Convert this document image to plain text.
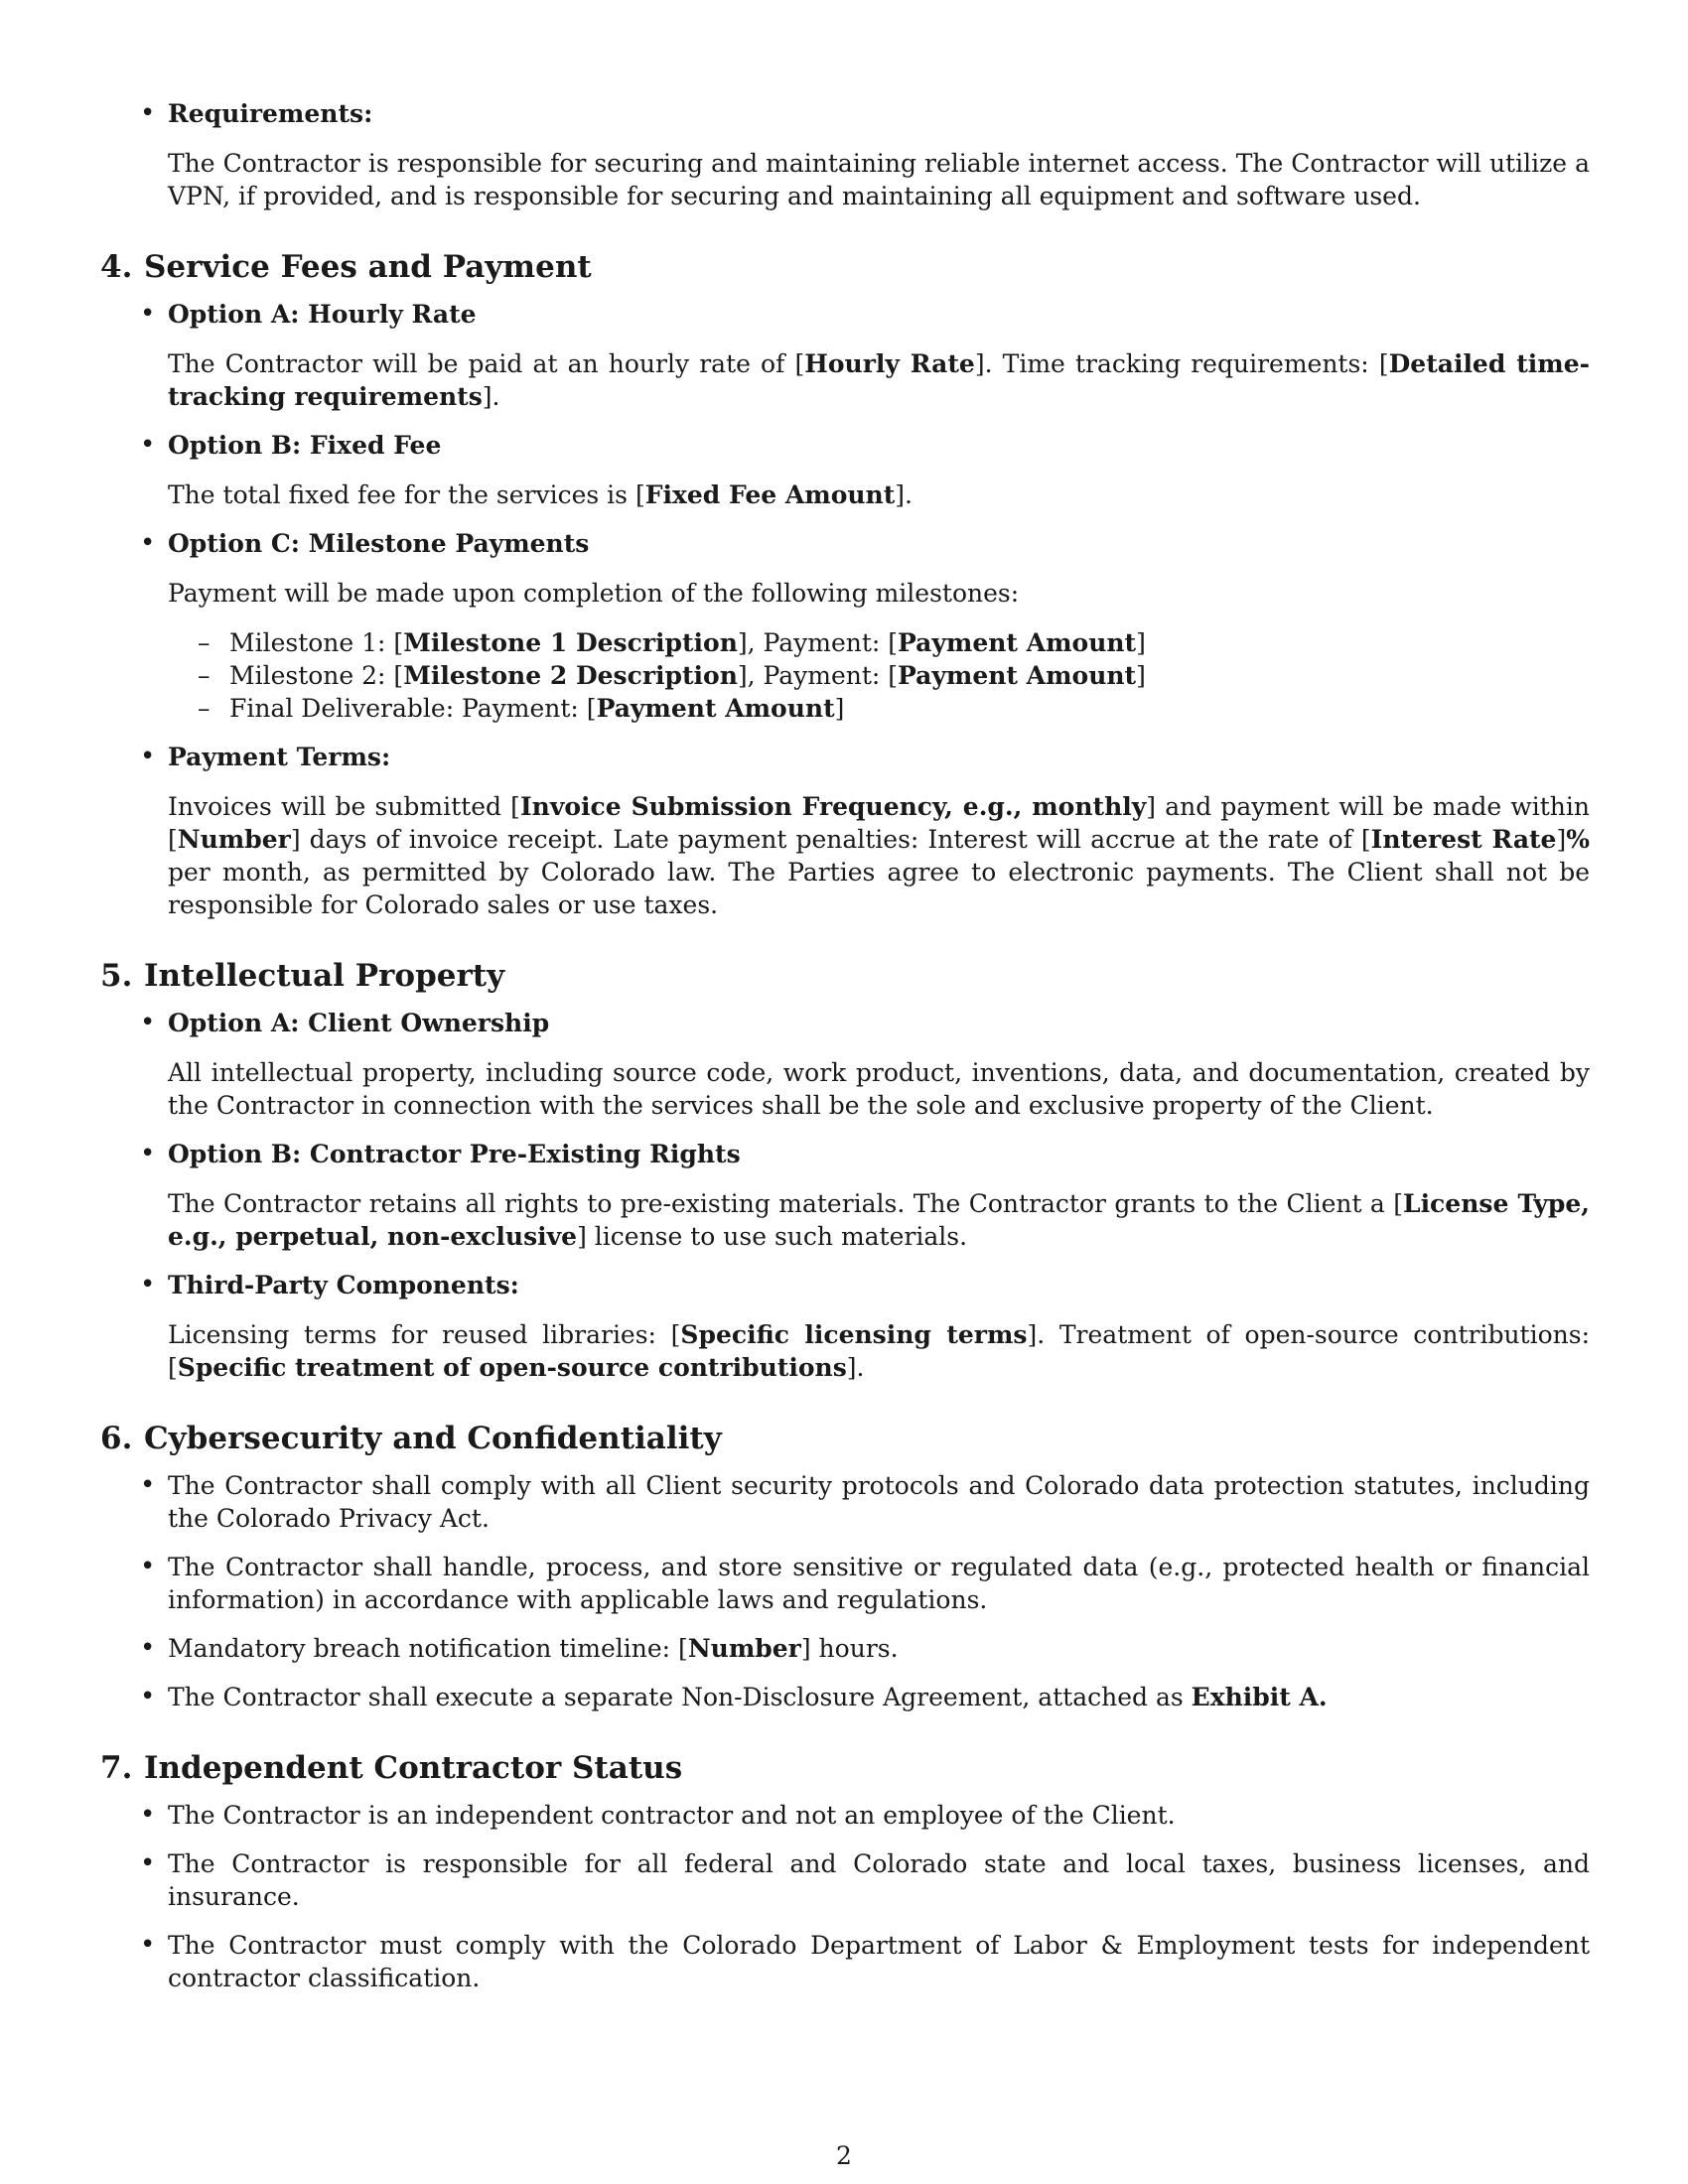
• Requirements:
The Contractor is responsible for securing and maintaining reliable internet access. The Contractor will utilize a VPN, if provided, and is responsible for securing and maintaining all equipment and software used.
4. Service Fees and Payment
• Option A: Hourly Rate
The Contractor will be paid at an hourly rate of [Hourly Rate]. Time tracking requirements: [Detailed time-tracking requirements].
• Option B: Fixed Fee
The total fixed fee for the services is [Fixed Fee Amount].
• Option C: Milestone Payments
Payment will be made upon completion of the following milestones:
– Milestone 1: [Milestone 1 Description], Payment: [Payment Amount]
– Milestone 2: [Milestone 2 Description], Payment: [Payment Amount]
– Final Deliverable: Payment: [Payment Amount]
• Payment Terms:
Invoices will be submitted [Invoice Submission Frequency, e.g., monthly] and payment will be made within [Number] days of invoice receipt. Late payment penalties: Interest will accrue at the rate of [Interest Rate]% per month, as permitted by Colorado law. The Parties agree to electronic payments. The Client shall not be responsible for Colorado sales or use taxes.
5. Intellectual Property
• Option A: Client Ownership
All intellectual property, including source code, work product, inventions, data, and documentation, created by the Contractor in connection with the services shall be the sole and exclusive property of the Client.
• Option B: Contractor Pre-Existing Rights
The Contractor retains all rights to pre-existing materials. The Contractor grants to the Client a [License Type, e.g., perpetual, non-exclusive] license to use such materials.
• Third-Party Components:
Licensing terms for reused libraries: [Specific licensing terms]. Treatment of open-source contributions: [Specific treatment of open-source contributions].
6. Cybersecurity and Confidentiality
• The Contractor shall comply with all Client security protocols and Colorado data protection statutes, including the Colorado Privacy Act.
• The Contractor shall handle, process, and store sensitive or regulated data (e.g., protected health or financial information) in accordance with applicable laws and regulations.
• Mandatory breach notification timeline: [Number] hours.
• The Contractor shall execute a separate Non-Disclosure Agreement, attached as Exhibit A.
7. Independent Contractor Status
• The Contractor is an independent contractor and not an employee of the Client.
• The Contractor is responsible for all federal and Colorado state and local taxes, business licenses, and insurance.
• The Contractor must comply with the Colorado Department of Labor & Employment tests for independent contractor classification.
2
